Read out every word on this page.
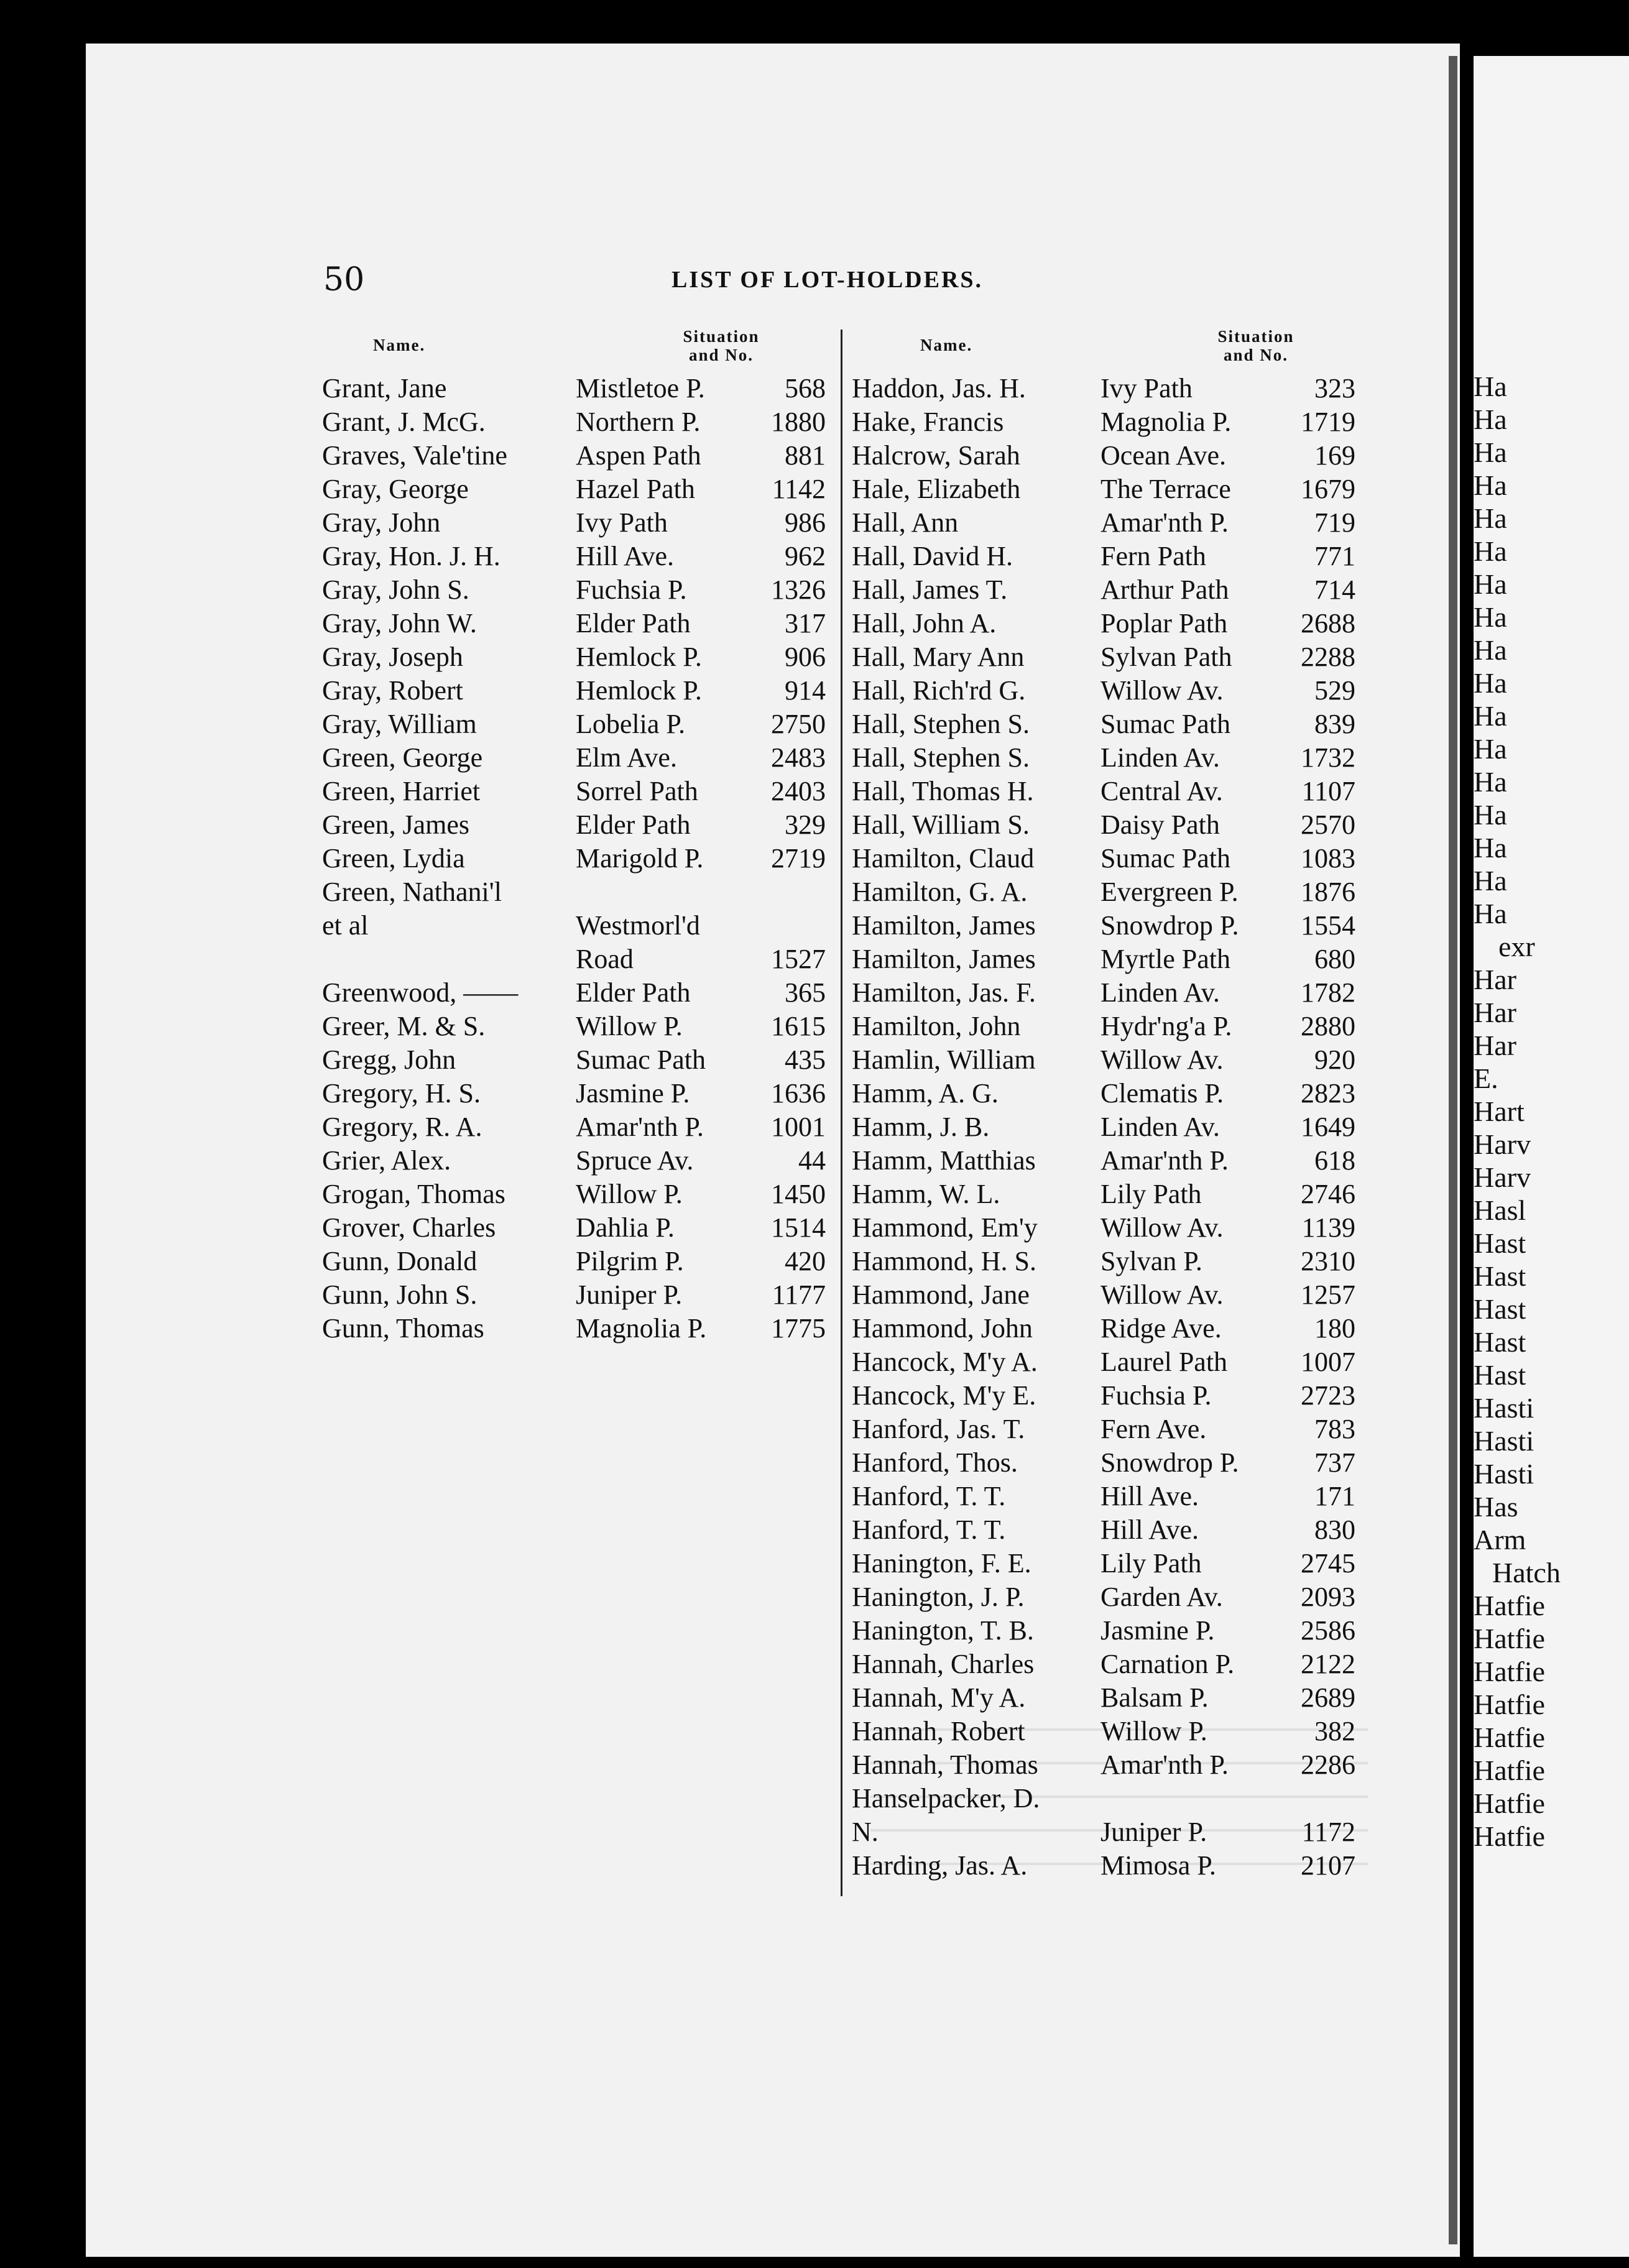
Ha
Ha
Ha
Ha
Ha
Ha
Ha
Ha
Ha
Ha
Ha
Ha
Ha
Ha
Ha
Ha
Ha
exr
Har
Har
Har
E.
Hart
Harv
Harv
Hasl
Hast
Hast
Hast
Hast
Hast
Hasti
Hasti
Hasti
Has
Arm
Hatch
Hatfie
Hatfie
Hatfie
Hatfie
Hatfie
Hatfie
Hatfie
Hatfie
50	LIST OF LOT-HOLDERS.
Name.	Situation
and No.
Name.	Situation
and No.
Grant, Jane	Mistletoe P.	568
Grant, J. McG.	Northern P.	1880
Graves, Vale'tine	Aspen Path	881
Gray, George	Hazel Path	1142
Gray, John	Ivy Path	986
Gray, Hon. J. H.	Hill Ave.	962
Gray, John S.	Fuchsia P.	1326
Gray, John W.	Elder Path	317
Gray, Joseph	Hemlock P.	906
Gray, Robert	Hemlock P.	914
Gray, William	Lobelia P.	2750
Green, George	Elm Ave.	2483
Green, Harriet	Sorrel Path	2403
Green, James	Elder Path	329
Green, Lydia	Marigold P.	2719
Green, Nathani'l
et al	Westmorl'd
Road	1527
Greenwood, —— Elder Path	365
Greer, M. & S.	Willow P.	1615
Gregg, John	Sumac Path	435
Gregory, H. S.	Jasmine P.	1636
Gregory, R. A.	Amar'nth P.	1001
Grier, Alex.	Spruce Av.	44
Grogan, Thomas	Willow P.	1450
Grover, Charles	Dahlia P.	1514
Gunn, Donald	Pilgrim P.	420
Gunn, John S.	Juniper P.	1177
Gunn, Thomas	Magnolia P.	1775
Haddon, Jas. H.	Ivy Path	323
Hake, Francis	Magnolia P.	1719
Halcrow, Sarah	Ocean Ave.	169
Hale, Elizabeth	The Terrace	1679
Hall, Ann	Amar'nth P.	719
Hall, David H.	Fern Path	771
Hall, James T.	Arthur Path	714
Hall, John A.	Poplar Path	2688
Hall, Mary Ann	Sylvan Path	2288
Hall, Rich'rd G.	Willow Av.	529
Hall, Stephen S.	Sumac Path	839
Hall, Stephen S.	Linden Av.	1732
Hall, Thomas H. Central Av.	1107
Hall, William S.	Daisy Path	2570
Hamilton, Claud Sumac Path	1083
Hamilton, G. A.	Evergreen P.	1876
Hamilton, James Snowdrop P.	1554
Hamilton, James Myrtle Path	680
Hamilton, Jas. F. Linden Av.	1782
Hamilton, John	Hydr'ng'a P.	2880
Hamlin, William Willow Av.	920
Hamm, A. G.	Clematis P.	2823
Hamm, J. B.	Linden Av.	1649
Hamm, Matthias Amar'nth P.	618
Hamm, W. L.	Lily Path	2746
Hammond, Em'y Willow Av.	1139
Hammond, H. S. Sylvan P.	2310
Hammond, Jane	Willow Av.	1257
Hammond, John Ridge Ave.	180
Hancock, M'y A. Laurel Path	1007
Hancock, M'y E. Fuchsia P.	2723
Hanford, Jas. T.	Fern Ave.	783
Hanford, Thos.	Snowdrop P.	737
Hanford, T. T.	Hill Ave.	171
Hanford, T. T.	Hill Ave.	830
Hanington, F. E.	Lily Path	2745
Hanington, J. P.	Garden Av.	2093
Hanington, T. B. Jasmine P.	2586
Hannah, Charles Carnation P.	2122
Hannah, M'y A.	Balsam P.	2689
Hannah, Robert	Willow P.	382
Hannah, Thomas Amar'nth P.	2286
Hanselpacker, D.
N.	Juniper P.	1172
Harding, Jas. A.	Mimosa P.	2107
